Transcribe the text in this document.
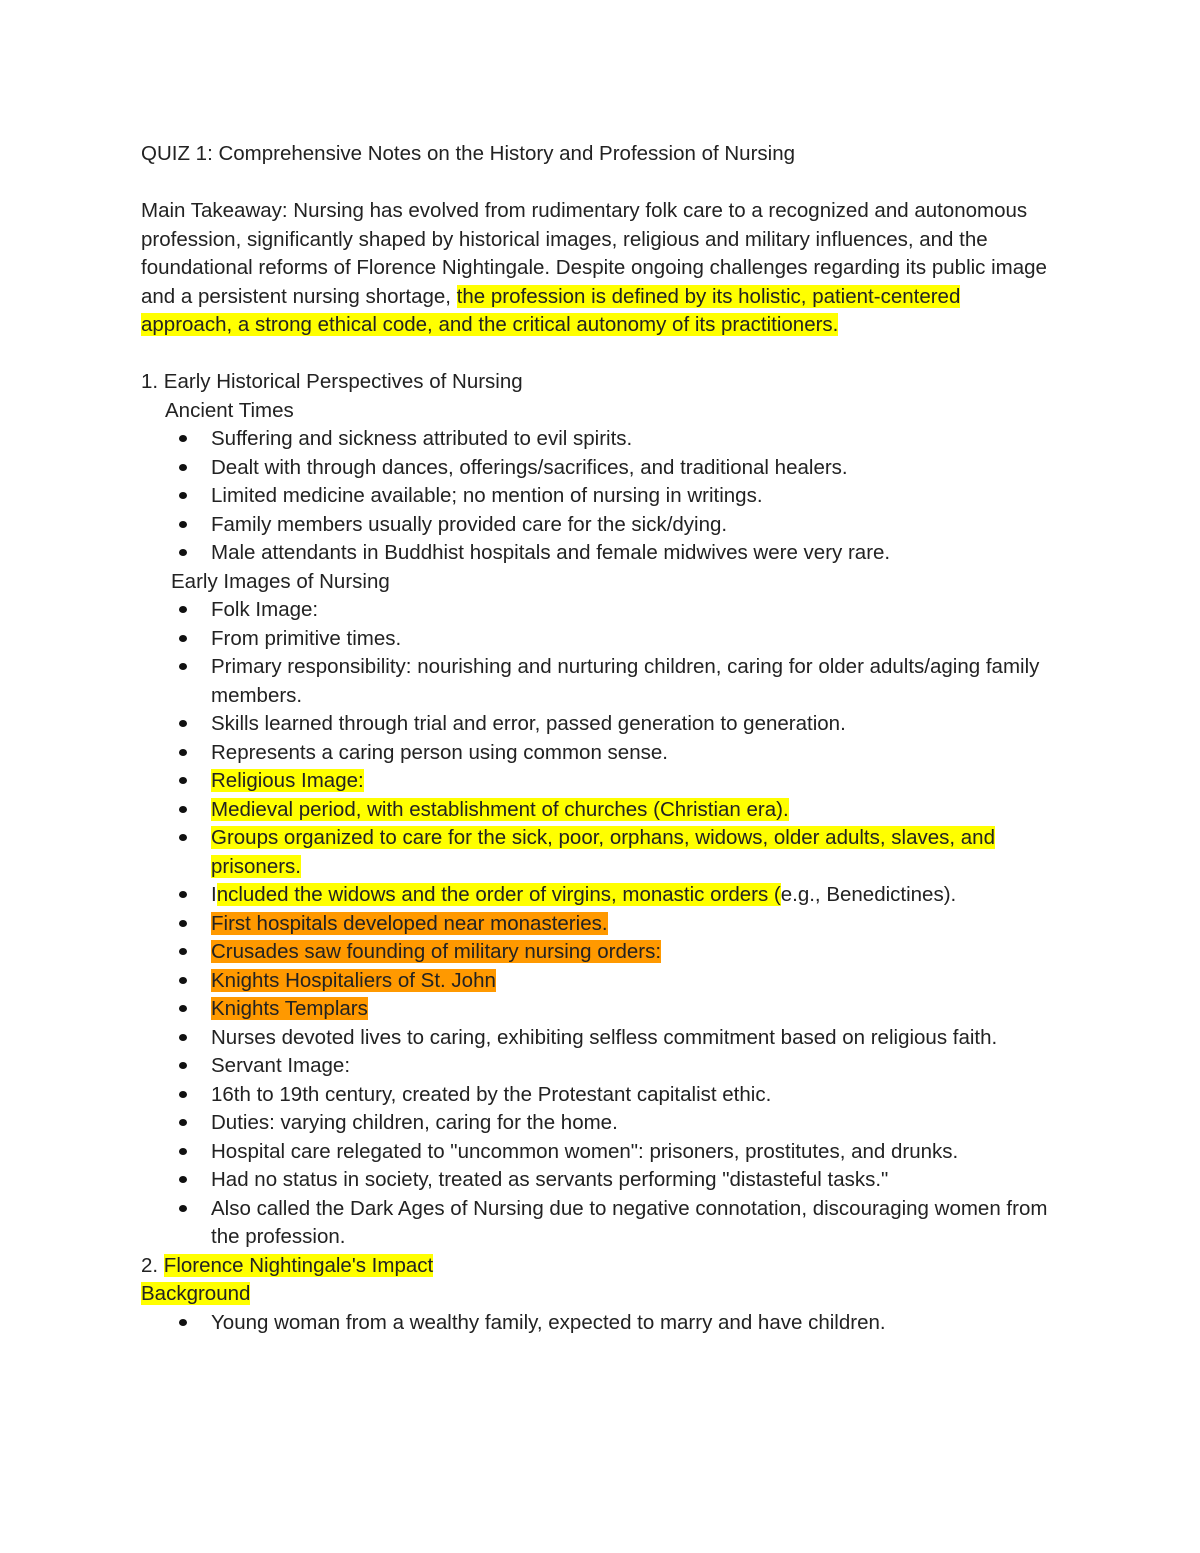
QUIZ 1: Comprehensive Notes on the History and Profession of Nursing

Main Takeaway: Nursing has evolved from rudimentary folk care to a recognized and autonomous profession, significantly shaped by historical images, religious and military influences, and the foundational reforms of Florence Nightingale. Despite ongoing challenges regarding its public image and a persistent nursing shortage, the profession is defined by its holistic, patient-centered approach, a strong ethical code, and the critical autonomy of its practitioners.

1. Early Historical Perspectives of Nursing

Ancient Times

Suffering and sickness attributed to evil spirits.
Dealt with through dances, offerings/sacrifices, and traditional healers.
Limited medicine available; no mention of nursing in writings.
Family members usually provided care for the sick/dying.
Male attendants in Buddhist hospitals and female midwives were very rare.

Early Images of Nursing

Folk Image:
From primitive times.
Primary responsibility: nourishing and nurturing children, caring for older adults/aging family members.
Skills learned through trial and error, passed generation to generation.
Represents a caring person using common sense.
Religious Image:
Medieval period, with establishment of churches (Christian era).
Groups organized to care for the sick, poor, orphans, widows, older adults, slaves, and prisoners.
Included the widows and the order of virgins, monastic orders (e.g., Benedictines).
First hospitals developed near monasteries.
Crusades saw founding of military nursing orders:
Knights Hospitaliers of St. John
Knights Templars
Nurses devoted lives to caring, exhibiting selfless commitment based on religious faith.
Servant Image:
16th to 19th century, created by the Protestant capitalist ethic.
Duties: varying children, caring for the home.
Hospital care relegated to "uncommon women": prisoners, prostitutes, and drunks.
Had no status in society, treated as servants performing "distasteful tasks."
Also called the Dark Ages of Nursing due to negative connotation, discouraging women from the profession.

2. Florence Nightingale's Impact

Background

Young woman from a wealthy family, expected to marry and have children.
